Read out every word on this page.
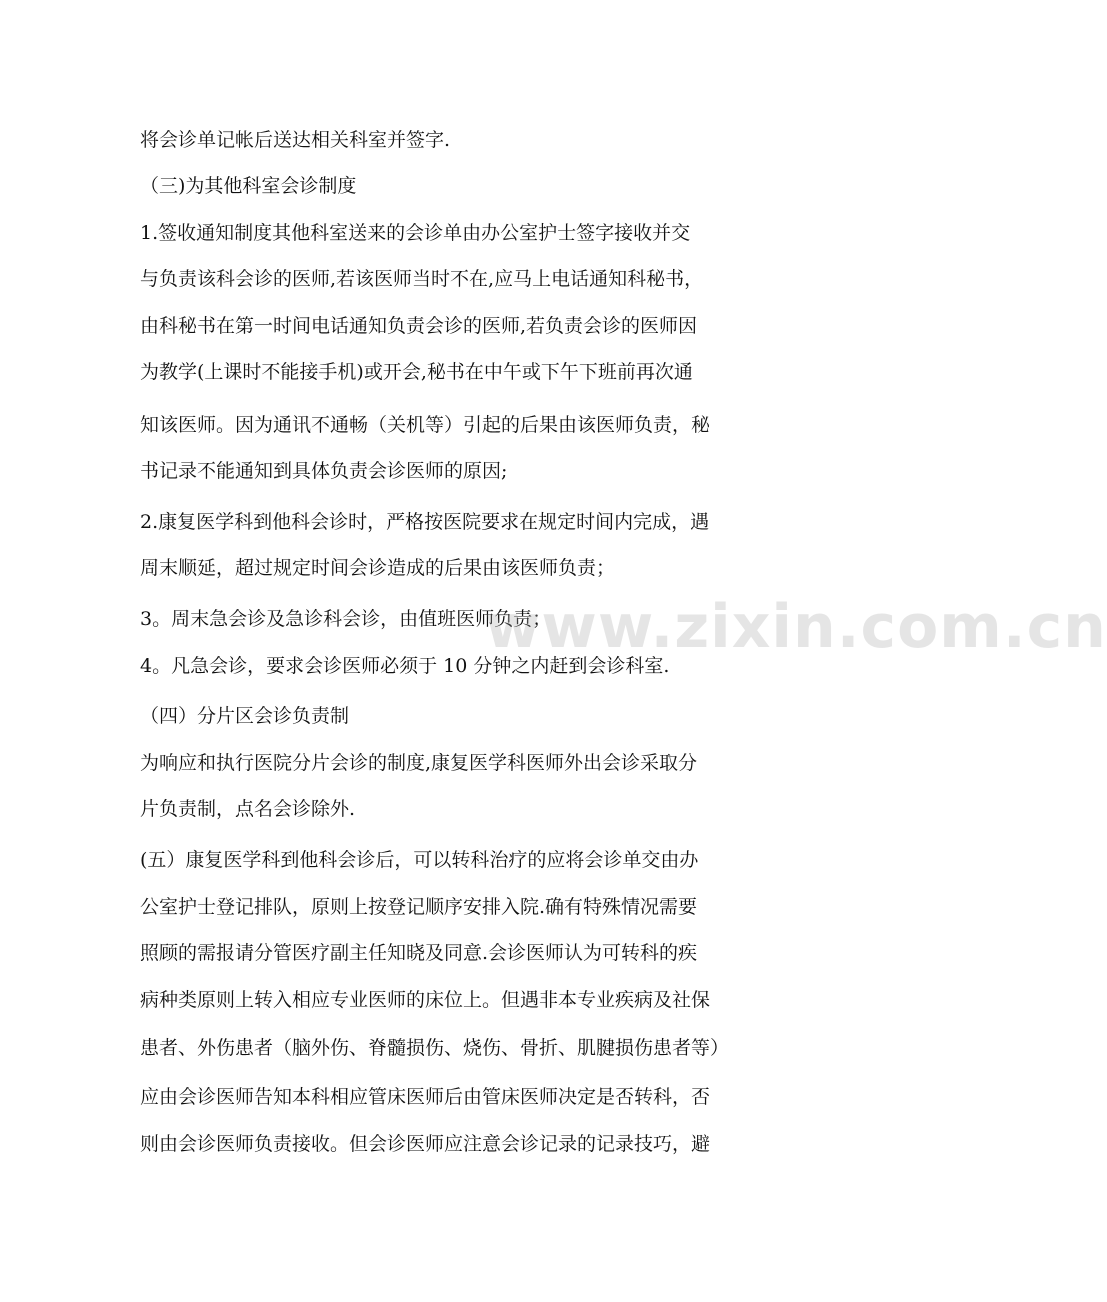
将会诊单记帐后送达相关科室并签字.
（三)为其他科室会诊制度
1.签收通知制度其他科室送来的会诊单由办公室护士签字接收并交
与负责该科会诊的医师,若该医师当时不在,应马上电话通知科秘书，
由科秘书在第一时间电话通知负责会诊的医师,若负责会诊的医师因
为教学(上课时不能接手机)或开会,秘书在中午或下午下班前再次通
知该医师。因为通讯不通畅（关机等）引起的后果由该医师负责，秘
书记录不能通知到具体负责会诊医师的原因;
2.康复医学科到他科会诊时，严格按医院要求在规定时间内完成，遇
周末顺延，超过规定时间会诊造成的后果由该医师负责；
3。周末急会诊及急诊科会诊，由值班医师负责；
4。凡急会诊，要求会诊医师必须于 10 分钟之内赶到会诊科室.
（四）分片区会诊负责制
为响应和执行医院分片会诊的制度,康复医学科医师外出会诊采取分
片负责制，点名会诊除外.
(五）康复医学科到他科会诊后，可以转科治疗的应将会诊单交由办
公室护士登记排队，原则上按登记顺序安排入院.确有特殊情况需要
照顾的需报请分管医疗副主任知晓及同意.会诊医师认为可转科的疾
病种类原则上转入相应专业医师的床位上。但遇非本专业疾病及社保
患者、外伤患者（脑外伤、脊髓损伤、烧伤、骨折、肌腱损伤患者等）
应由会诊医师告知本科相应管床医师后由管床医师决定是否转科，否
则由会诊医师负责接收。但会诊医师应注意会诊记录的记录技巧，避
www.zixin.com.cn
